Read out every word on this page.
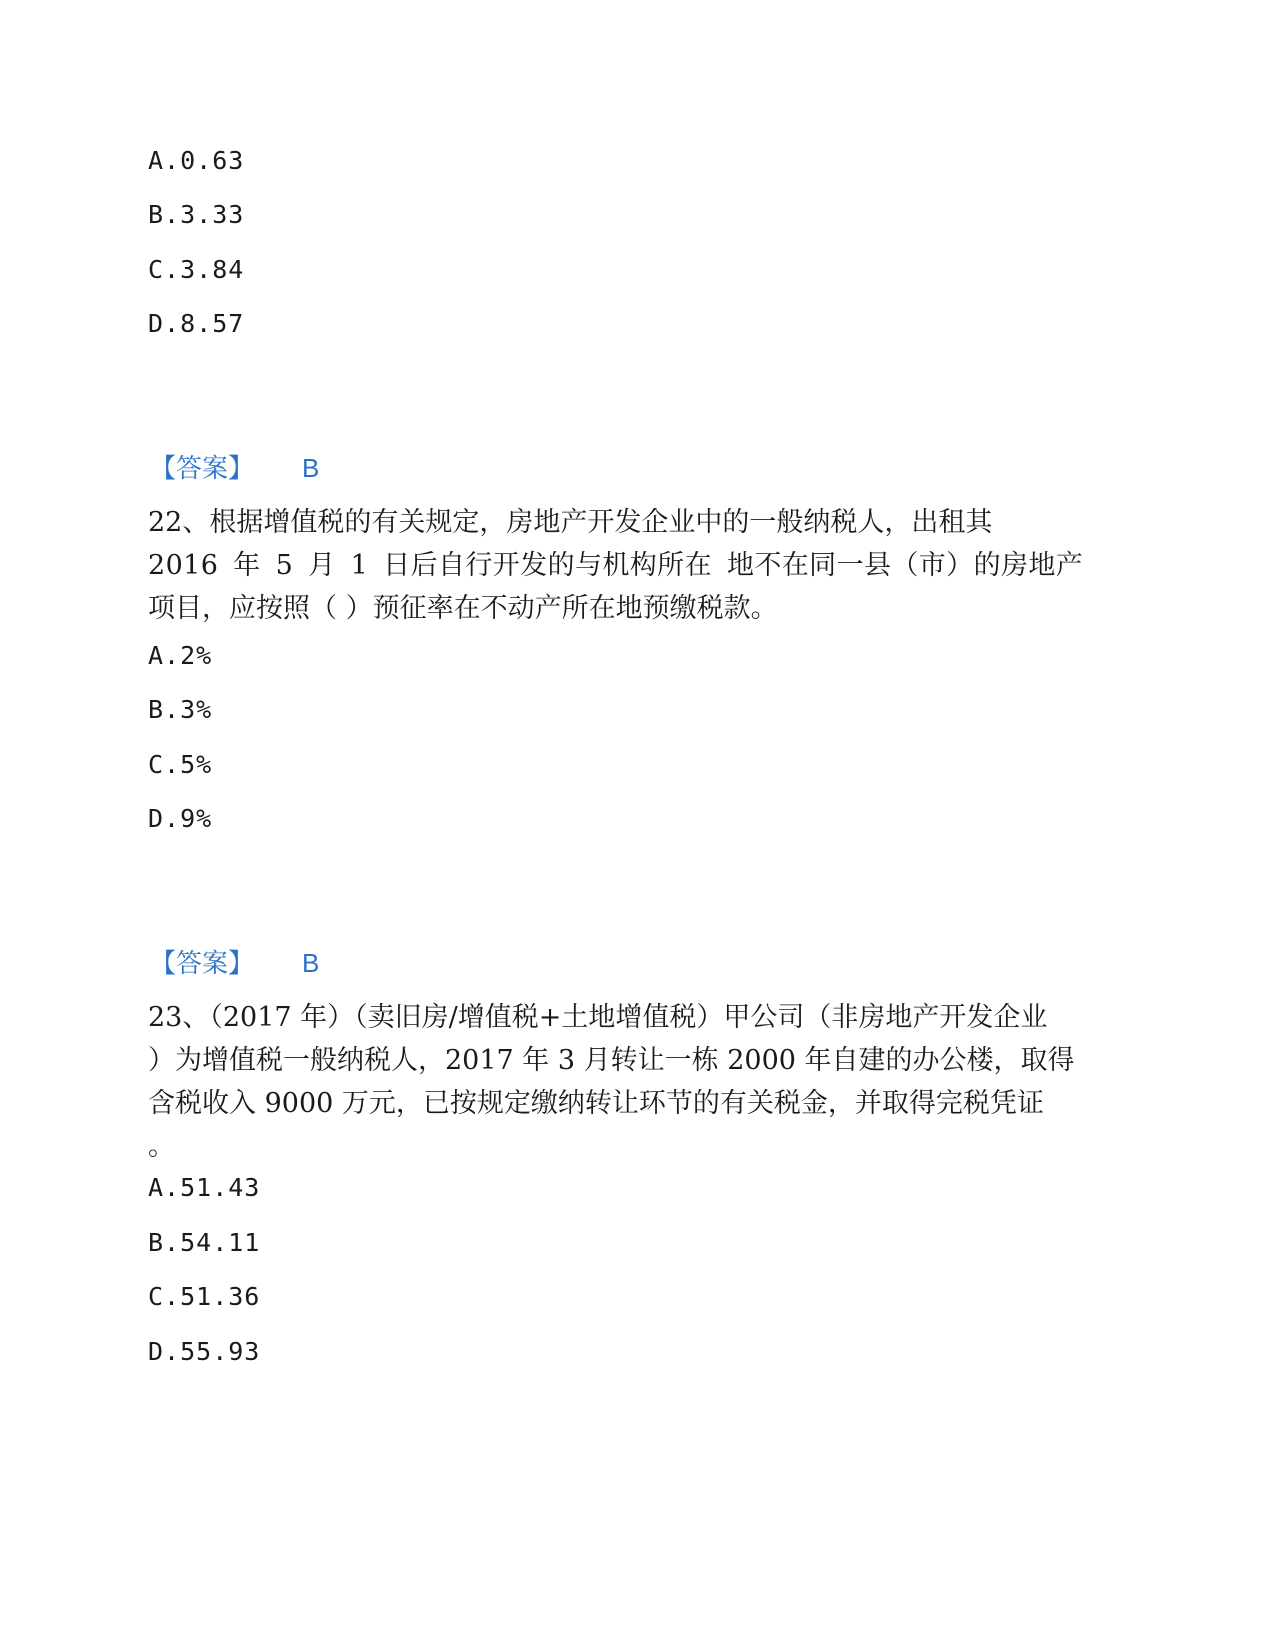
A.0.63
B.3.33
C.3.84
D.8.57
【答案】 B
22、根据增值税的有关规定，房地产开发企业中的一般纳税人，出租其
2016 年 5 月 1 日后自行开发的与机构所在 地不在同一县（市）的房地产
项目，应按照（ ）预征率在不动产所在地预缴税款。
A.2%
B.3%
C.5%
D.9%
【答案】 B
23、（2017 年）（卖旧房/增值税+土地增值税）甲公司（非房地产开发企业
）为增值税一般纳税人，2017 年 3 月转让一栋 2000 年自建的办公楼，取得
含税收入 9000 万元，已按规定缴纳转让环节的有关税金，并取得完税凭证
。
A.51.43
B.54.11
C.51.36
D.55.93
